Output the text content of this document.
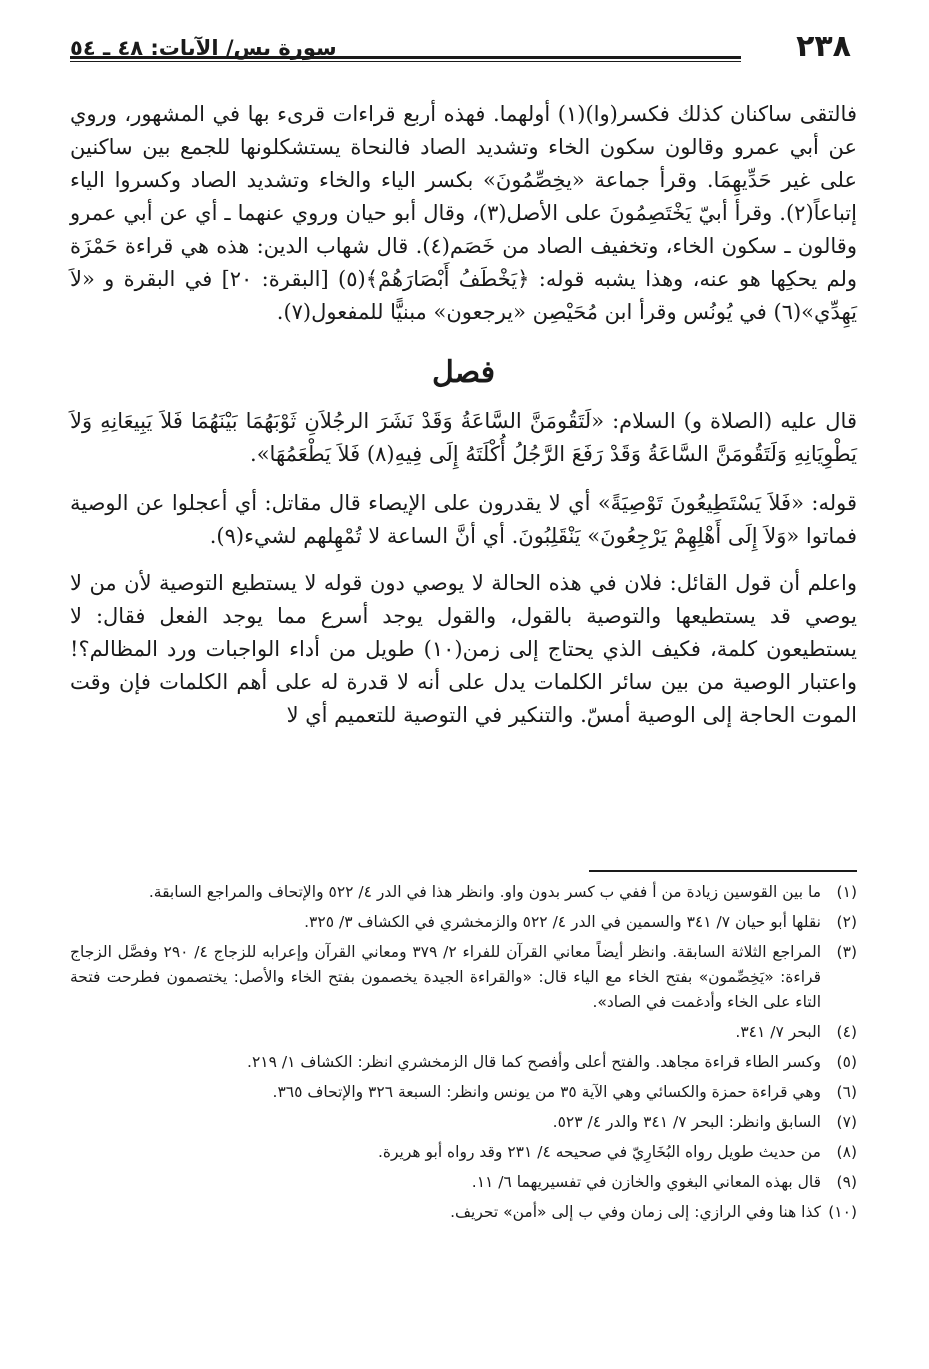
٢٣٨
سورة يس/ الآيات: ٤٨ ـ ٥٤

فالتقى ساكنان كذلك فكسر(وا)(١) أولهما. فهذه أربع قراءات قرىء بها في المشهور، وروي عن أبي عمرو وقالون سكون الخاء وتشديد الصاد فالنحاة يستشكلونها للجمع بين ساكنين على غير حَدِّيهِمَا. وقرأ جماعة «يخِصِّمُونَ» بكسر الياء والخاء وتشديد الصاد وكسروا الياء إتباعاً(٢). وقرأ أبيّ يَخْتَصِمُونَ على الأصل(٣)، وقال أبو حيان وروي عنهما ـ أي عن أبي عمرو وقالون ـ سكون الخاء، وتخفيف الصاد من خَصَم(٤). قال شهاب الدين: هذه هي قراءة حَمْزَة ولم يحكِها هو عنه، وهذا يشبه قوله: ﴿يَخْطَفُ أَبْصَارَهُمْ﴾(٥) [البقرة: ٢٠] في البقرة و «لاَ يَهِدِّي»(٦) في يُونُس وقرأ ابن مُحَيْصِن «يرجعون» مبنيًّا للمفعول(٧).

فصل

قال عليه (الصلاة و) السلام: «لَتَقُومَنَّ السَّاعَةُ وَقَدْ نَشَرَ الرجُلاَنِ ثَوْبَهُمَا بَيْنَهُمَا فَلاَ يَبِيعَانِهِ وَلاَ يَطْوِيَانِهِ وَلَتَقُومَنَّ السَّاعَةُ وَقَدْ رَفَعَ الرَّجُلُ أُكْلَتَهُ إِلَى فِيهِ(٨) فَلاَ يَطْعَمُهَا».

قوله: «فَلاَ يَسْتَطِيعُونَ تَوْصِيَةً» أي لا يقدرون على الإيصاء قال مقاتل: أي أعجلوا عن الوصية فماتوا «وَلاَ إِلَى أَهْلِهِمْ يَرْجِعُونَ» يَنْقَلِبُونَ. أي أنَّ الساعة لا تُمْهِلهم لشيء(٩).

واعلم أن قول القائل: فلان في هذه الحالة لا يوصي دون قوله لا يستطيع التوصية لأن من لا يوصي قد يستطيعها والتوصية بالقول، والقول يوجد أسرع مما يوجد الفعل فقال: لا يستطيعون كلمة، فكيف الذي يحتاج إلى زمن(١٠) طويل من أداء الواجبات ورد المظالم؟! واعتبار الوصية من بين سائر الكلمات يدل على أنه لا قدرة له على أهم الكلمات فإن وقت الموت الحاجة إلى الوصية أمسّ. والتنكير في التوصية للتعميم أي لا

(١)
ما بين القوسين زيادة من أ ففي ب كسر بدون واو. وانظر هذا في الدر ٤/ ٥٢٢ والإتحاف والمراجع السابقة.
(٢)
نقلها أبو حيان ٧/ ٣٤١ والسمين في الدر ٤/ ٥٢٢ والزمخشري في الكشاف ٣/ ٣٢٥.
(٣)
المراجع الثلاثة السابقة. وانظر أيضاً معاني القرآن للفراء ٢/ ٣٧٩ ومعاني القرآن وإعرابه للزجاج ٤/ ٢٩٠ وفصَّل الزجاج قراءة: «يَخِصِّمون» بفتح الخاء مع الياء قال: «والقراءة الجيدة يخصمون بفتح الخاء والأصل: يختصمون فطرحت فتحة التاء على الخاء وأدغمت في الصاد».
(٤)
البحر ٧/ ٣٤١.
(٥)
وكسر الطاء قراءة مجاهد. والفتح أعلى وأفصح كما قال الزمخشري انظر: الكشاف ١/ ٢١٩.
(٦)
وهي قراءة حمزة والكسائي وهي الآية ٣٥ من يونس وانظر: السبعة ٣٢٦ والإتحاف ٣٦٥.
(٧)
السابق وانظر: البحر ٧/ ٣٤١ والدر ٤/ ٥٢٣.
(٨)
من حديث طويل رواه البُخَارِيّ في صحيحه ٤/ ٢٣١ وقد رواه أبو هريرة.
(٩)
قال بهذه المعاني البغوي والخازن في تفسيريهما ٦/ ١١.
(١٠)
كذا هنا وفي الرازي: إلى زمان وفي ب إلى «أمن» تحريف.
